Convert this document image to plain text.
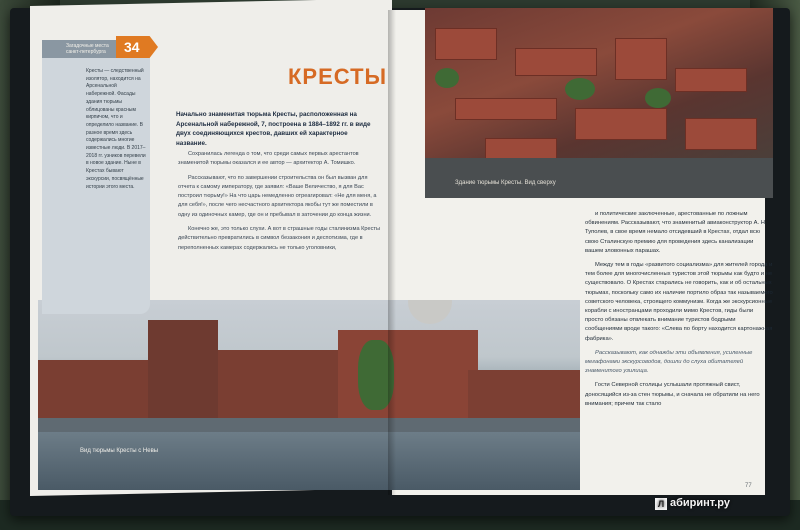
Здание тюрьмы Кресты. Вид сверху
Вид тюрьмы Кресты с Невы
Загадочные места
санкт-петербурга 34
Кресты — следственный изолятор, находится на Арсенальной набережной. Фасады здания тюрьмы облицованы красным кирпичом, что и определило название. В разное время здесь содержались многие известные люди. В 2017–2018 гг. узников перевели в новое здание. Ныне в Крестах бывают экскурсии, посвящённые истории этого места.
КРЕСТЫ
Начально знаменитая тюрьма Кресты, расположенная на Арсенальной набережной, 7, построена в 1884–1892 гг. в виде двух соединяющихся крестов, давших ей характерное название.

Сохранилась легенда о том, что среди самых первых арестантов знаменитой тюрьмы оказался и ее автор — архитектор А. Томишко.

Рассказывают, что по завершении строительства он был вызван для отчета к самому императору, где заявил: «Ваше Величество, я для Вас построил тюрьму!» На что царь немедленно отреагировал: «Не для меня, а для себя!», после чего несчастного архитектора якобы тут же поместили в одну из одиночных камер, где он и пребывал в заточении до конца жизни.

Конечно же, это только слухи. А вот в страшные годы сталинизма Кресты действительно превратились в символ беззакония и деспотизма, где в переполненных камерах содержались не только уголовники,

и политические заключенные, арестованные по ложным обвинениям. Рассказывают, что знаменитый авиаконструктор А. Н. Туполев, в свое время немало отсидевший в Крестах, отдал всю свою Сталинскую премию для проведения здесь канализации вашем зловонных парашах.

Между тем в годы «развитого социализма» для жителей города и тем более для многочисленных туристов этой тюрьмы как будто и не существовало. О Крестах старались не говорить, как и об остальных тюрьмах, поскольку само их наличие портило образ так называемого советского человека, строящего коммунизм. Когда же экскурсионные корабли с иностранцами проходили мимо Крестов, гиды были просто обязаны отвлекать внимание туристов бодрыми сообщениями вроде такого: «Слева по борту находится картонажная фабрика».

Рассказывают, как однажды эти объявления, усиленные мегафонами экскурсоводов, дошли до слуха обитателей знаменитого узилища.

Гости Северной столицы услышали протяжный свист, доносящийся из-за стен тюрьмы, и сначала не обратили на него внимания; причем так стало

77
Л абиринт.ру
